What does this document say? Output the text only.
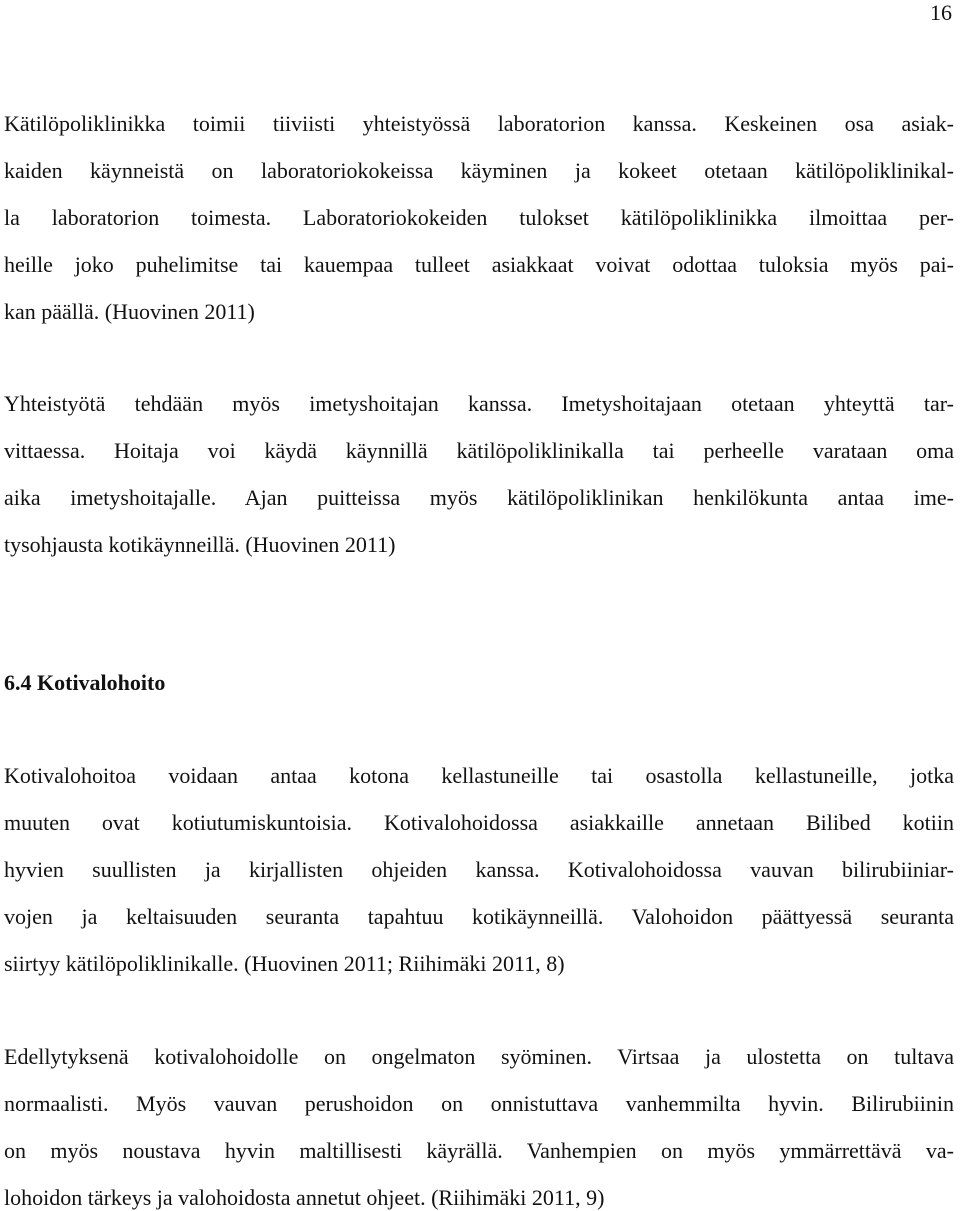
16
Kätilöpoliklinikka toimii tiiviisti yhteistyössä laboratorion kanssa. Keskeinen osa asiak-
kaiden käynneistä on laboratoriokokeissa käyminen ja kokeet otetaan kätilöpoliklinikal-
la laboratorion toimesta. Laboratoriokokeiden tulokset kätilöpoliklinikka ilmoittaa per-
heille joko puhelimitse tai kauempaa tulleet asiakkaat voivat odottaa tuloksia myös pai-
kan päällä. (Huovinen 2011)
Yhteistyötä tehdään myös imetyshoitajan kanssa. Imetyshoitajaan otetaan yhteyttä tar-
vittaessa. Hoitaja voi käydä käynnillä kätilöpoliklinikalla tai perheelle varataan oma
aika imetyshoitajalle. Ajan puitteissa myös kätilöpoliklinikan henkilökunta antaa ime-
tysohjausta kotikäynneillä. (Huovinen 2011)
6.4 Kotivalohoito
Kotivalohoitoa voidaan antaa kotona kellastuneille tai osastolla kellastuneille, jotka
muuten ovat kotiutumiskuntoisia. Kotivalohoidossa asiakkaille annetaan Bilibed kotiin
hyvien suullisten ja kirjallisten ohjeiden kanssa. Kotivalohoidossa vauvan bilirubiiniar-
vojen ja keltaisuuden seuranta tapahtuu kotikäynneillä. Valohoidon päättyessä seuranta
siirtyy kätilöpoliklinikalle. (Huovinen 2011; Riihimäki 2011, 8)
Edellytyksenä kotivalohoidolle on ongelmaton syöminen. Virtsaa ja ulostetta on tultava
normaalisti. Myös vauvan perushoidon on onnistuttava vanhemmilta hyvin. Bilirubiinin
on myös noustava hyvin maltillisesti käyrällä. Vanhempien on myös ymmärrettävä va-
lohoidon tärkeys ja valohoidosta annetut ohjeet. (Riihimäki 2011, 9)
